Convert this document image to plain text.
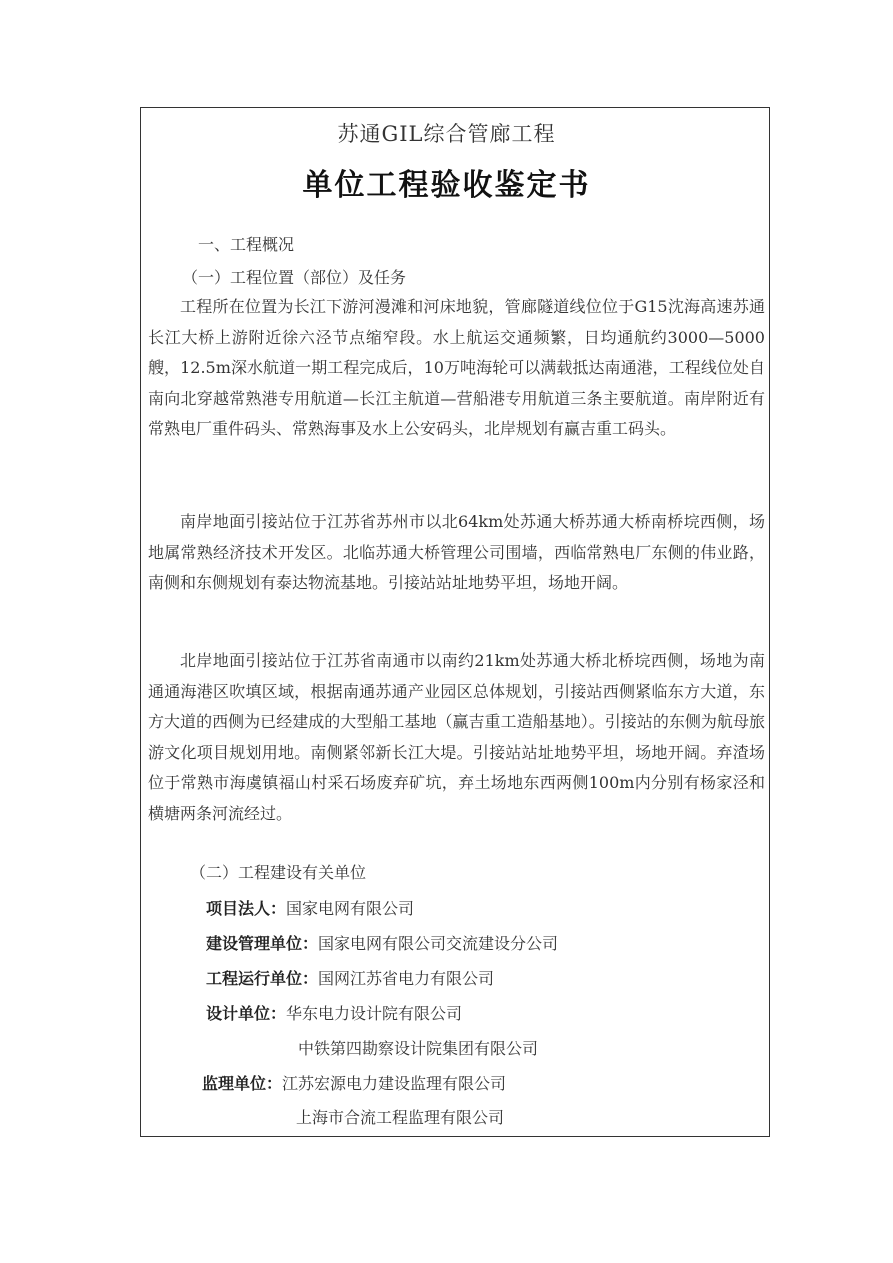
苏通GIL综合管廊工程
单位工程验收鉴定书
一、工程概况
（一）工程位置（部位）及任务

工程所在位置为长江下游河漫滩和河床地貌，管廊隧道线位位于G15沈海高速苏通长江大桥上游附近徐六泾节点缩窄段。水上航运交通频繁，日均通航约3000—5000艘，12.5m深水航道一期工程完成后，10万吨海轮可以满载抵达南通港，工程线位处自南向北穿越常熟港专用航道—长江主航道—营船港专用航道三条主要航道。南岸附近有常熟电厂重件码头、常熟海事及水上公安码头，北岸规划有赢吉重工码头。

南岸地面引接站位于江苏省苏州市以北64km处苏通大桥苏通大桥南桥垸西侧，场地属常熟经济技术开发区。北临苏通大桥管理公司围墙，西临常熟电厂东侧的伟业路，南侧和东侧规划有泰达物流基地。引接站站址地势平坦，场地开阔。

北岸地面引接站位于江苏省南通市以南约21km处苏通大桥北桥垸西侧，场地为南通通海港区吹填区域，根据南通苏通产业园区总体规划，引接站西侧紧临东方大道，东方大道的西侧为已经建成的大型船工基地（赢吉重工造船基地）。引接站的东侧为航母旅游文化项目规划用地。南侧紧邻新长江大堤。引接站站址地势平坦，场地开阔。弃渣场位于常熟市海虞镇福山村采石场废弃矿坑，弃土场地东西两侧100m内分别有杨家泾和横塘两条河流经过。

（二）工程建设有关单位
项目法人：国家电网有限公司
建设管理单位：国家电网有限公司交流建设分公司
工程运行单位：国网江苏省电力有限公司
设计单位：华东电力设计院有限公司
中铁第四勘察设计院集团有限公司
监理单位：江苏宏源电力建设监理有限公司
上海市合流工程监理有限公司
